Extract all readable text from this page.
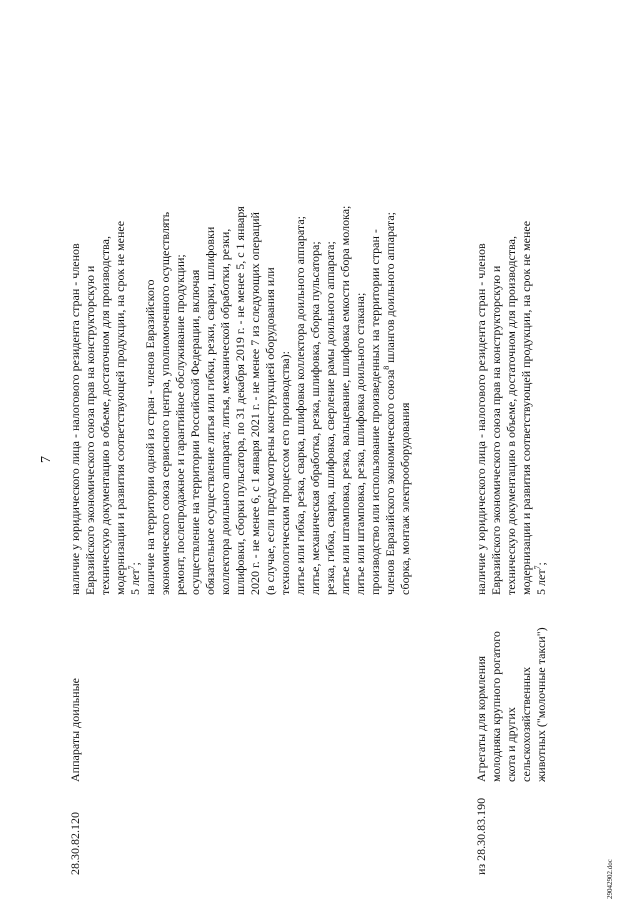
7
28.30.82.120
Аппараты доильные
наличие у юридического лица - налогового резидента стран - членов Евразийского экономического союза прав на конструкторскую и техническую документацию в объеме, достаточном для производства, модернизации и развития соответствующей продукции, на срок не менее 5 лет$^7$; наличие на территории одной из стран - членов Евразийского экономического союза сервисного центра, уполномоченного осуществлять ремонт, послепродажное и гарантийное обслуживание продукции; осуществление на территории Российской Федерации, включая обязательное осуществление литья или гибки, резки, сварки, шлифовки коллектора доильного аппарата; литья, механической обработки, резки, шлифовки, сборки пульсатора, по 31 декабря 2019 г. - не менее 5, с 1 января 2020 г. - не менее 6, с 1 января 2021 г. - не менее 7 из следующих операций (в случае, если предусмотрены конструкцией оборудования или технологическим процессом его производства): литье или гибка, резка, сварка, шлифовка коллектора доильного аппарата; литье, механическая обработка, резка, шлифовка, сборка пульсатора; резка, гибка, сварка, шлифовка, сверление рамы доильного аппарата; литье или штамповка, резка, вальцевание, шлифовка емкости сбора молока; литье или штамповка, резка, шлифовка доильного стакана; производство или использование произведенных на территории стран - членов Евразийского экономического союза$^8$ шлангов доильного аппарата;
сборка, монтаж электрооборудования
из 28.30.83.190
Агрегаты для кормления молодняка крупного рогатого скота и других сельскохозяйственных животных ("молочные такси")
наличие у юридического лица - налогового резидента стран - членов Евразийского экономического союза прав на конструкторскую и техническую документацию в объеме, достаточном для производства, модернизации и развития соответствующей продукции, на срок не менее 5 лет$^7$;
29042902.doc
